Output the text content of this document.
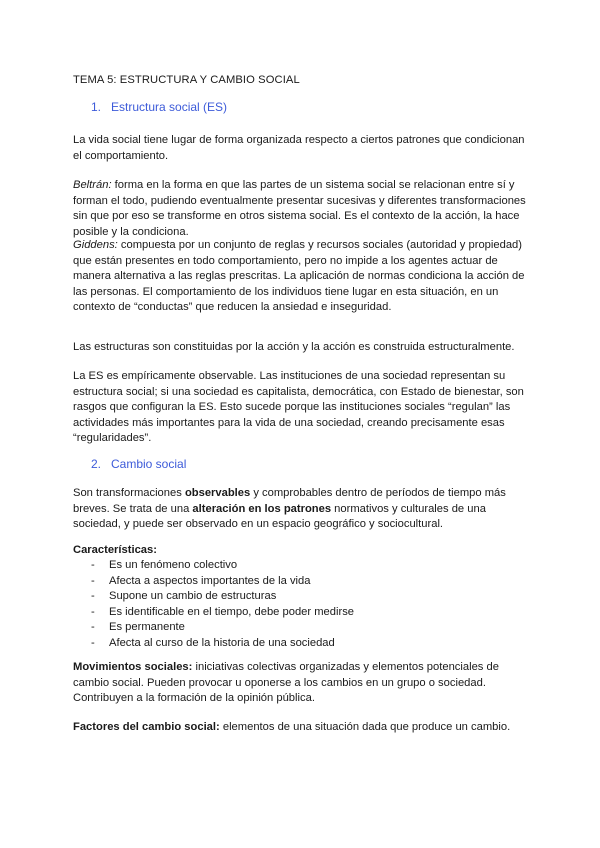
TEMA 5: ESTRUCTURA Y CAMBIO SOCIAL

1. Estructura social (ES)

La vida social tiene lugar de forma organizada respecto a ciertos patrones que condicionan el comportamiento.

Beltrán: forma en la forma en que las partes de un sistema social se relacionan entre sí y forman el todo, pudiendo eventualmente presentar sucesivas y diferentes transformaciones sin que por eso se transforme en otros sistema social. Es el contexto de la acción, la hace posible y la condiciona.

Giddens: compuesta por un conjunto de reglas y recursos sociales (autoridad y propiedad) que están presentes en todo comportamiento, pero no impide a los agentes actuar de manera alternativa a las reglas prescritas. La aplicación de normas condiciona la acción de las personas. El comportamiento de los individuos tiene lugar en esta situación, en un contexto de “conductas” que reducen la ansiedad e inseguridad.

Las estructuras son constituidas por la acción y la acción es construida estructuralmente.

La ES es empíricamente observable. Las instituciones de una sociedad representan su estructura social; si una sociedad es capitalista, democrática, con Estado de bienestar, son rasgos que configuran la ES. Esto sucede porque las instituciones sociales “regulan” las actividades más importantes para la vida de una sociedad, creando precisamente esas “regularidades”.

2. Cambio social

Son transformaciones observables y comprobables dentro de períodos de tiempo más breves. Se trata de una alteración en los patrones normativos y culturales de una sociedad, y puede ser observado en un espacio geográfico y sociocultural.

Características:

- Es un fenómeno colectivo
- Afecta a aspectos importantes de la vida
- Supone un cambio de estructuras
- Es identificable en el tiempo, debe poder medirse
- Es permanente
- Afecta al curso de la historia de una sociedad

Movimientos sociales: iniciativas colectivas organizadas y elementos potenciales de cambio social. Pueden provocar u oponerse a los cambios en un grupo o sociedad. Contribuyen a la formación de la opinión pública.

Factores del cambio social: elementos de una situación dada que produce un cambio.
